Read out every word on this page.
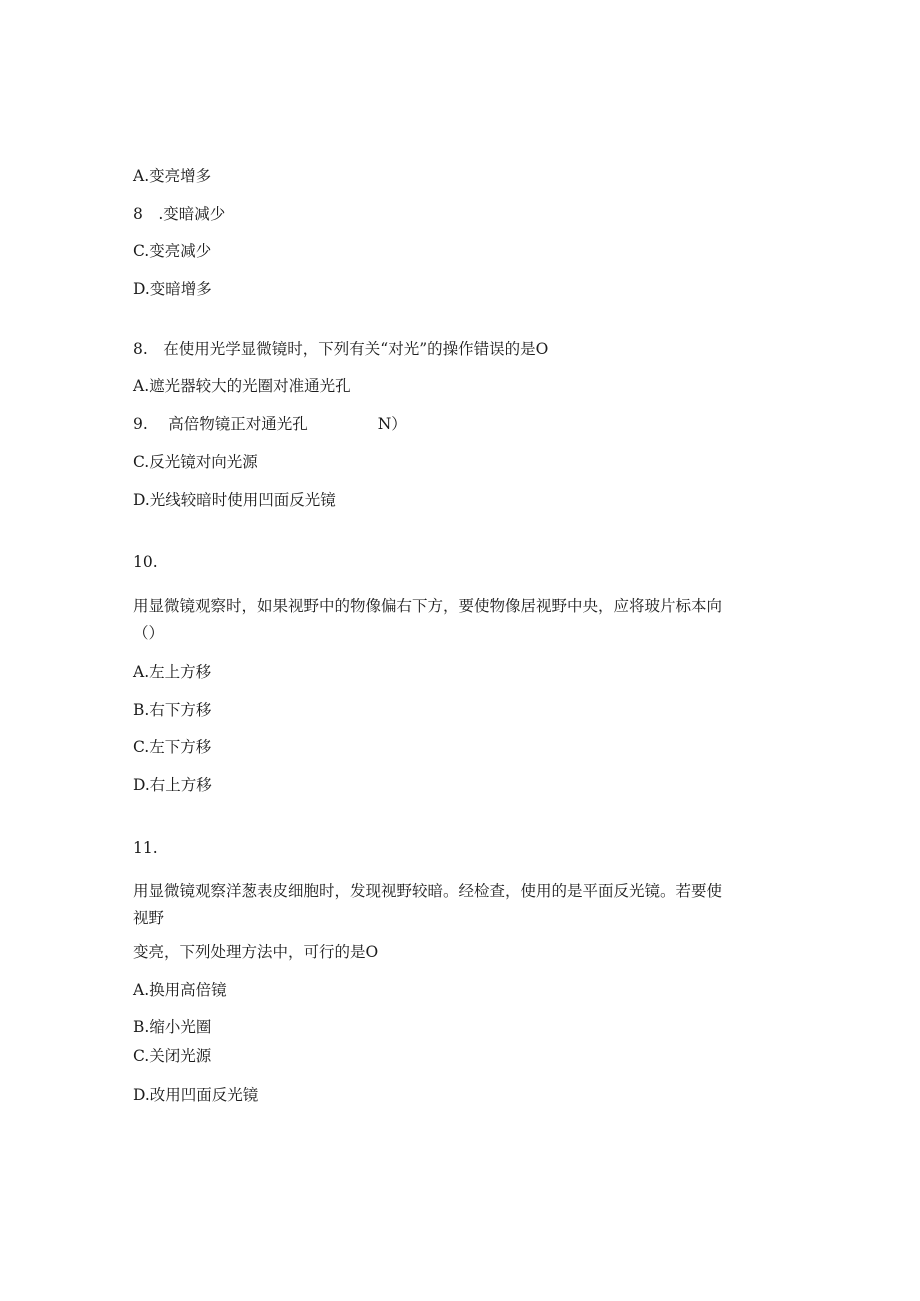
A.变亮增多

8　.变暗减少

C.变亮减少

D.变暗增多

8.　在使用光学显微镜时，下列有关“对光”的操作错误的是O

A.遮光器较大的光圈对准通光孔

9.　 高倍物镜正对通光孔	N）

C.反光镜对向光源

D.光线较暗时使用凹面反光镜

10.

用显微镜观察时，如果视野中的物像偏右下方，要使物像居视野中央，应将玻片标本向

（）

A.左上方移

B.右下方移

C.左下方移

D.右上方移

11.

用显微镜观察洋葱表皮细胞时，发现视野较暗。经检查，使用的是平面反光镜。若要使

视野

变亮，下列处理方法中，可行的是O

A.换用高倍镜

B.缩小光圈

C.关闭光源

D.改用凹面反光镜
